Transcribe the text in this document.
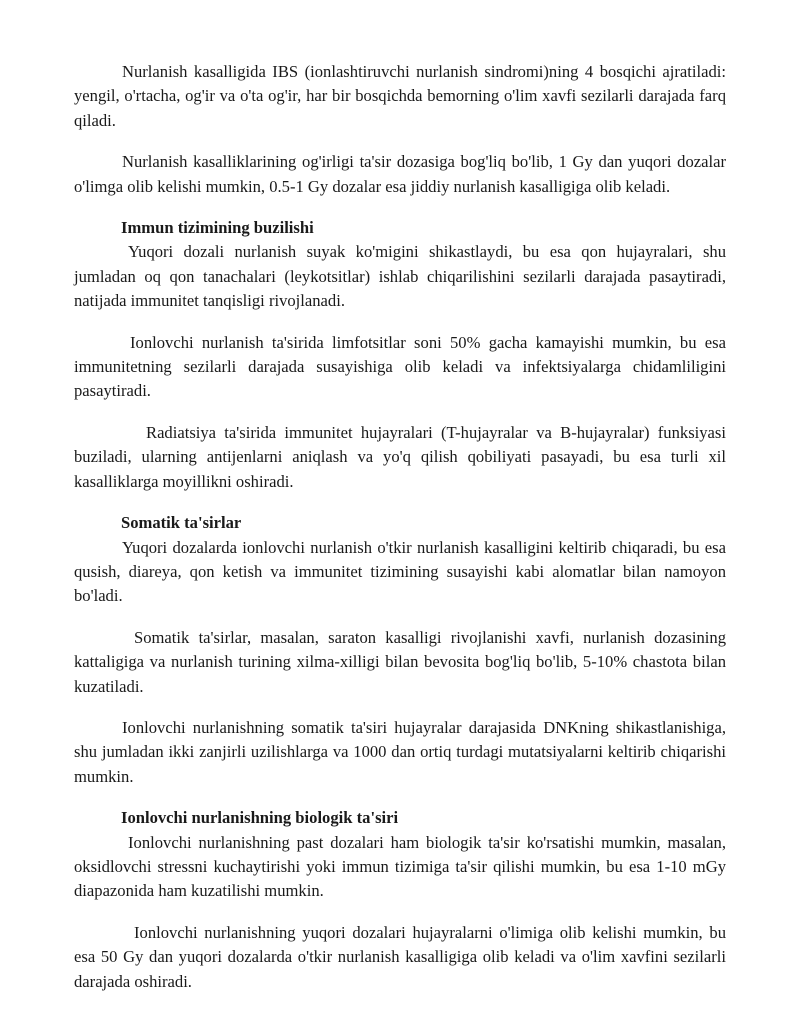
Nurlanish kasalligida IBS (ionlashtiruvchi nurlanish sindromi)ning 4 bosqichi ajratiladi: yengil, o'rtacha, og'ir va o'ta og'ir, har bir bosqichda bemorning o'lim xavfi sezilarli darajada farq qiladi.

Nurlanish kasalliklarining og'irligi ta'sir dozasiga bog'liq bo'lib, 1 Gy dan yuqori dozalar o'limga olib kelishi mumkin, 0.5-1 Gy dozalar esa jiddiy nurlanish kasalligiga olib keladi.

Immun tizimining buzilishi

Yuqori dozali nurlanish suyak ko'migini shikastlaydi, bu esa qon hujayralari, shu jumladan oq qon tanachalari (leykotsitlar) ishlab chiqarilishini sezilarli darajada pasaytiradi, natijada immunitet tanqisligi rivojlanadi.

Ionlovchi nurlanish ta'sirida limfotsitlar soni 50% gacha kamayishi mumkin, bu esa immunitetning sezilarli darajada susayishiga olib keladi va infektsiyalarga chidamliligini pasaytiradi.

Radiatsiya ta'sirida immunitet hujayralari (T-hujayralar va B-hujayralar) funksiyasi buziladi, ularning antijenlarni aniqlash va yo'q qilish qobiliyati pasayadi, bu esa turli xil kasalliklarga moyillikni oshiradi.

Somatik ta'sirlar

Yuqori dozalarda ionlovchi nurlanish o'tkir nurlanish kasalligini keltirib chiqaradi, bu esa qusish, diareya, qon ketish va immunitet tizimining susayishi kabi alomatlar bilan namoyon bo'ladi.

Somatik ta'sirlar, masalan, saraton kasalligi rivojlanishi xavfi, nurlanish dozasining kattaligiga va nurlanish turining xilma-xilligi bilan bevosita bog'liq bo'lib, 5-10% chastota bilan kuzatiladi.

Ionlovchi nurlanishning somatik ta'siri hujayralar darajasida DNKning shikastlanishiga, shu jumladan ikki zanjirli uzilishlarga va 1000 dan ortiq turdagi mutatsiyalarni keltirib chiqarishi mumkin.

Ionlovchi nurlanishning biologik ta'siri

Ionlovchi nurlanishning past dozalari ham biologik ta'sir ko'rsatishi mumkin, masalan, oksidlovchi stressni kuchaytirishi yoki immun tizimiga ta'sir qilishi mumkin, bu esa 1-10 mGy diapazonida ham kuzatilishi mumkin.

Ionlovchi nurlanishning yuqori dozalari hujayralarni o'limiga olib kelishi mumkin, bu esa 50 Gy dan yuqori dozalarda o'tkir nurlanish kasalligiga olib keladi va o'lim xavfini sezilarli darajada oshiradi.
